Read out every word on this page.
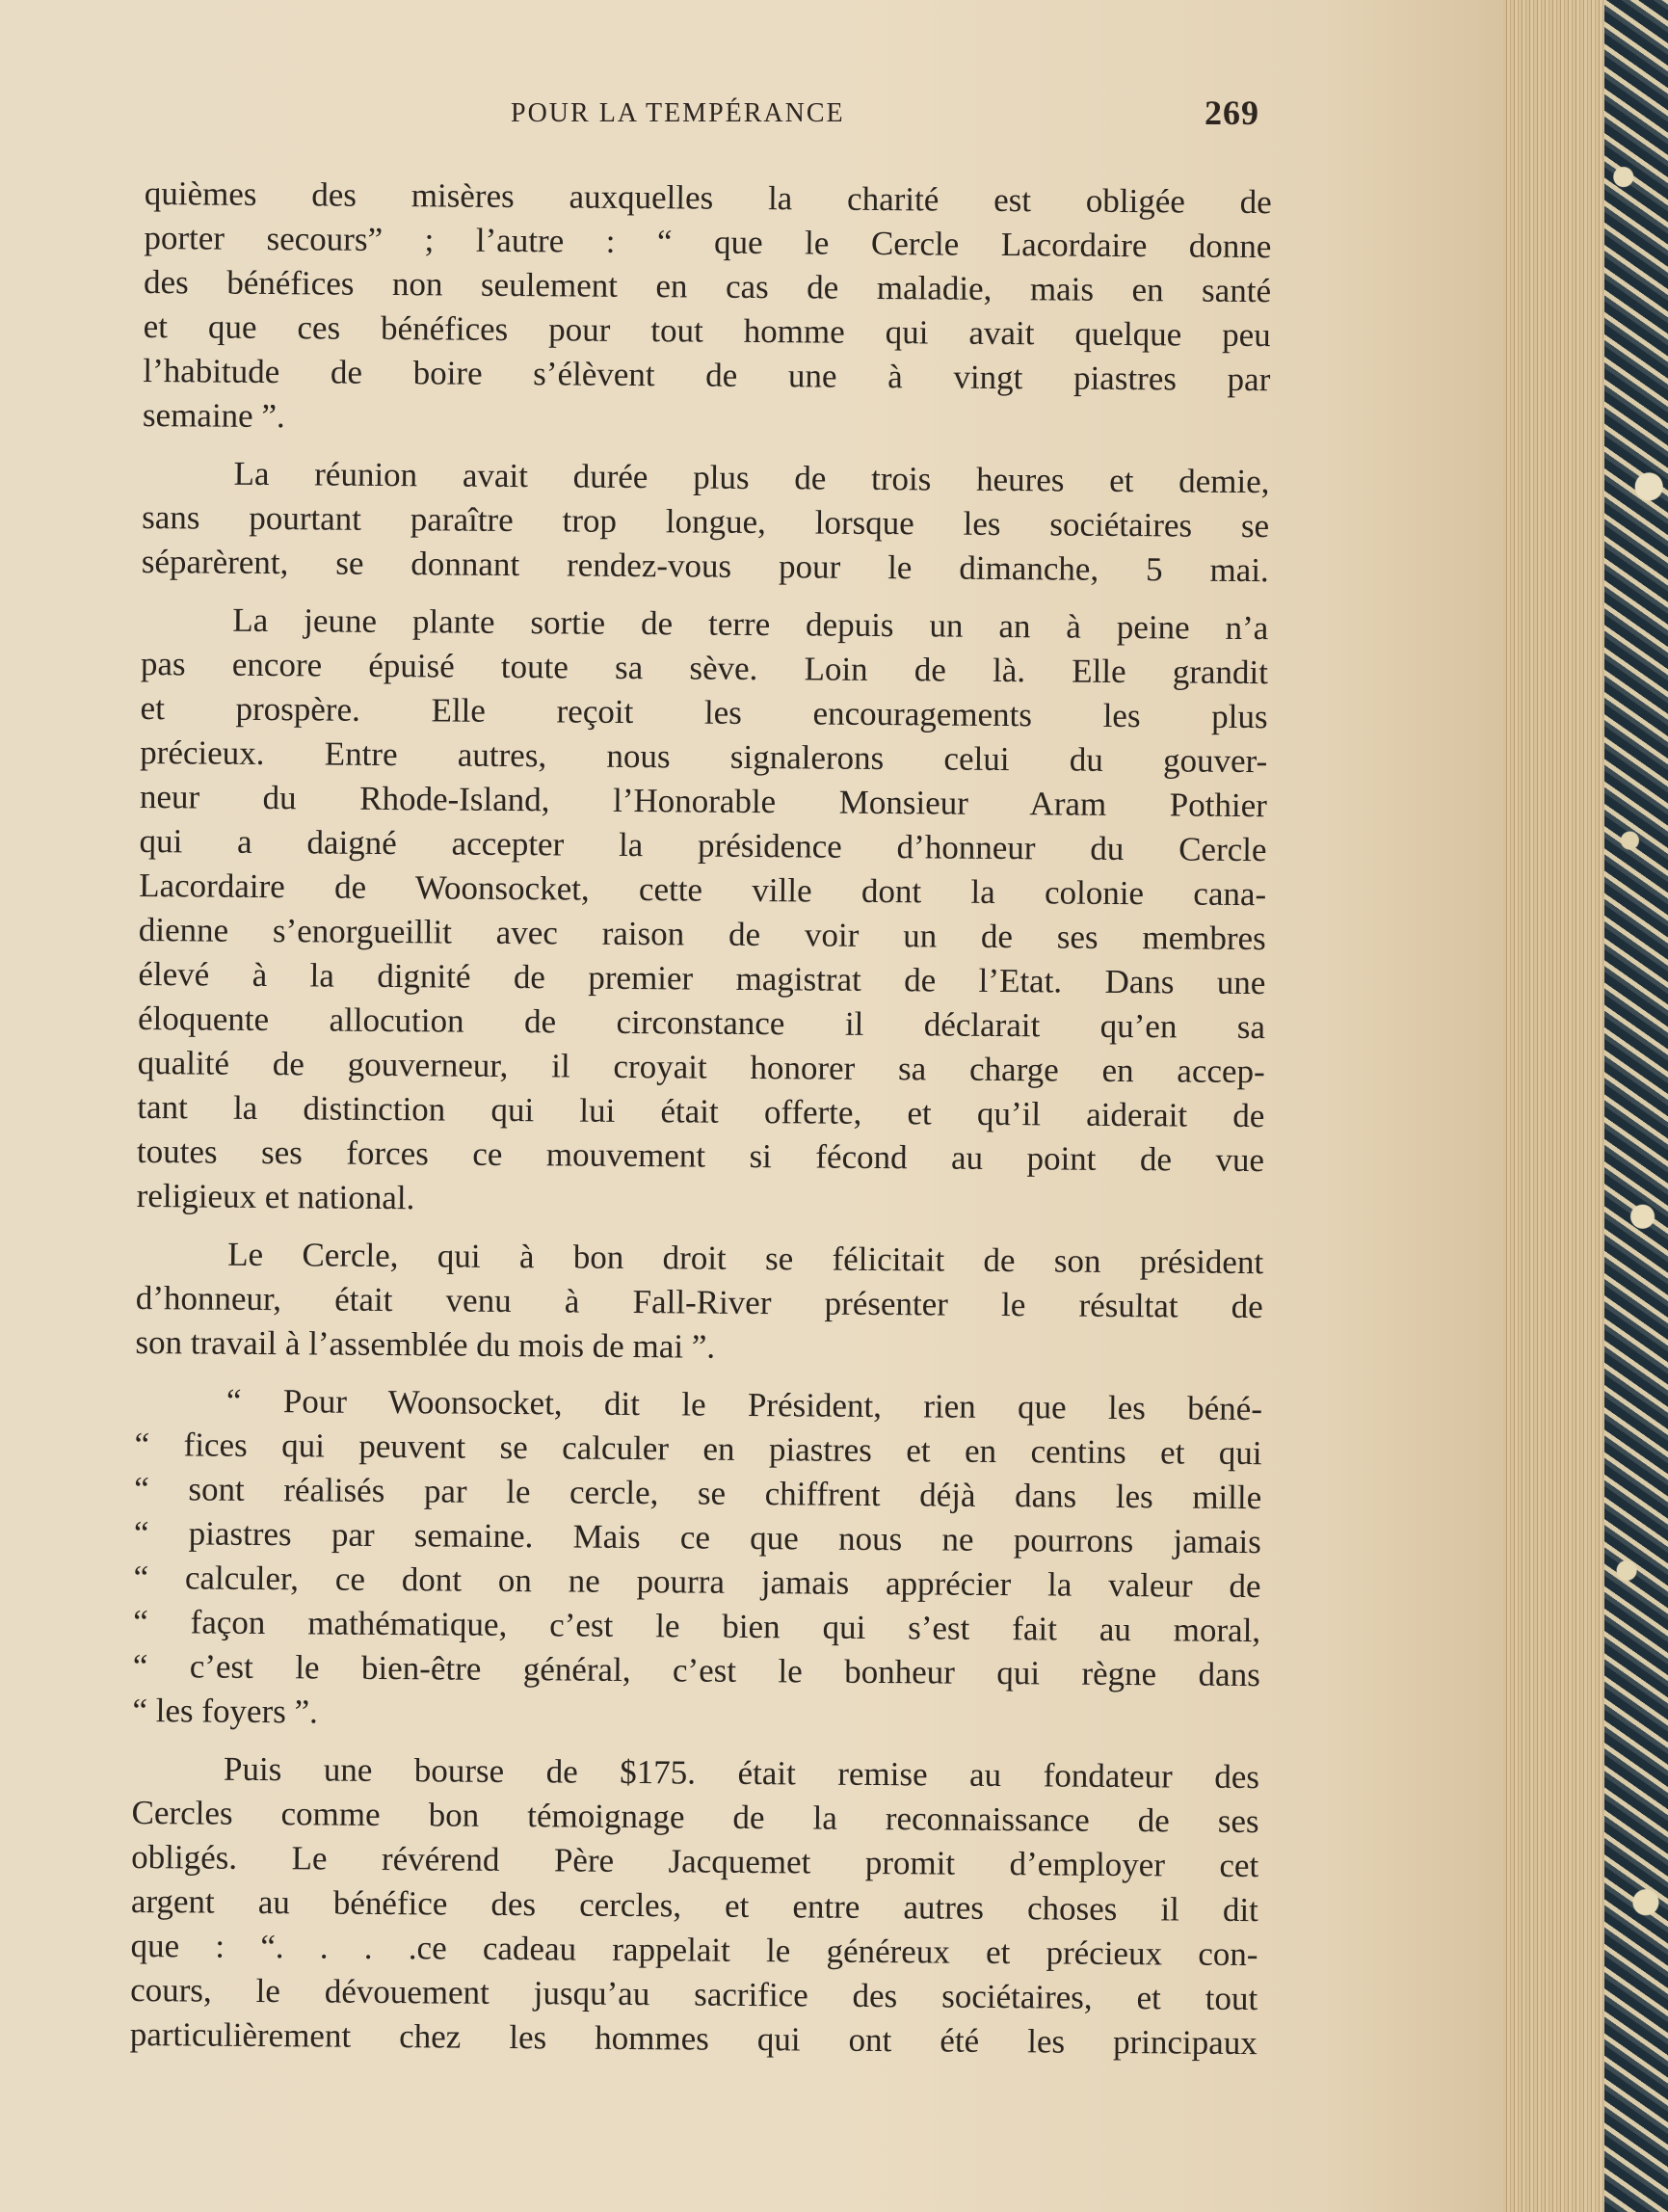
POUR LA TEMPÉRANCE	269
quièmes des misères auxquelles la charité est obligée de
porter secours” ; l’autre : “ que le Cercle Lacordaire donne
des bénéfices non seulement en cas de maladie, mais en santé
et que ces bénéfices pour tout homme qui avait quelque peu
l’habitude de boire s’élèvent de une à vingt piastres par
semaine ”.
La réunion avait durée plus de trois heures et demie,
sans pourtant paraître trop longue, lorsque les sociétaires se
séparèrent, se donnant rendez-vous pour le dimanche, 5 mai.
La jeune plante sortie de terre depuis un an à peine n’a
pas encore épuisé toute sa sève. Loin de là. Elle grandit
et prospère. Elle reçoit les encouragements les plus
précieux. Entre autres, nous signalerons celui du gouver-
neur du Rhode-Island, l’Honorable Monsieur Aram Pothier
qui a daigné accepter la présidence d’honneur du Cercle
Lacordaire de Woonsocket, cette ville dont la colonie cana-
dienne s’enorgueillit avec raison de voir un de ses membres
élevé à la dignité de premier magistrat de l’Etat. Dans une
éloquente allocution de circonstance il déclarait qu’en sa
qualité de gouverneur, il croyait honorer sa charge en accep-
tant la distinction qui lui était offerte, et qu’il aiderait de
toutes ses forces ce mouvement si fécond au point de vue
religieux et national.
Le Cercle, qui à bon droit se félicitait de son président
d’honneur, était venu à Fall-River présenter le résultat de
son travail à l’assemblée du mois de mai ”.
“ Pour Woonsocket, dit le Président, rien que les béné-
“ fices qui peuvent se calculer en piastres et en centins et qui
“ sont réalisés par le cercle, se chiffrent déjà dans les mille
“ piastres par semaine. Mais ce que nous ne pourrons jamais
“ calculer, ce dont on ne pourra jamais apprécier la valeur de
“ façon mathématique, c’est le bien qui s’est fait au moral,
“ c’est le bien-être général, c’est le bonheur qui règne dans
“ les foyers ”.
Puis une bourse de $175. était remise au fondateur des
Cercles comme bon témoignage de la reconnaissance de ses
obligés. Le révérend Père Jacquemet promit d’employer cet
argent au bénéfice des cercles, et entre autres choses il dit
que : “. . . .ce cadeau rappelait le généreux et précieux con-
cours, le dévouement jusqu’au sacrifice des sociétaires, et tout
particulièrement chez les hommes qui ont été les principaux
